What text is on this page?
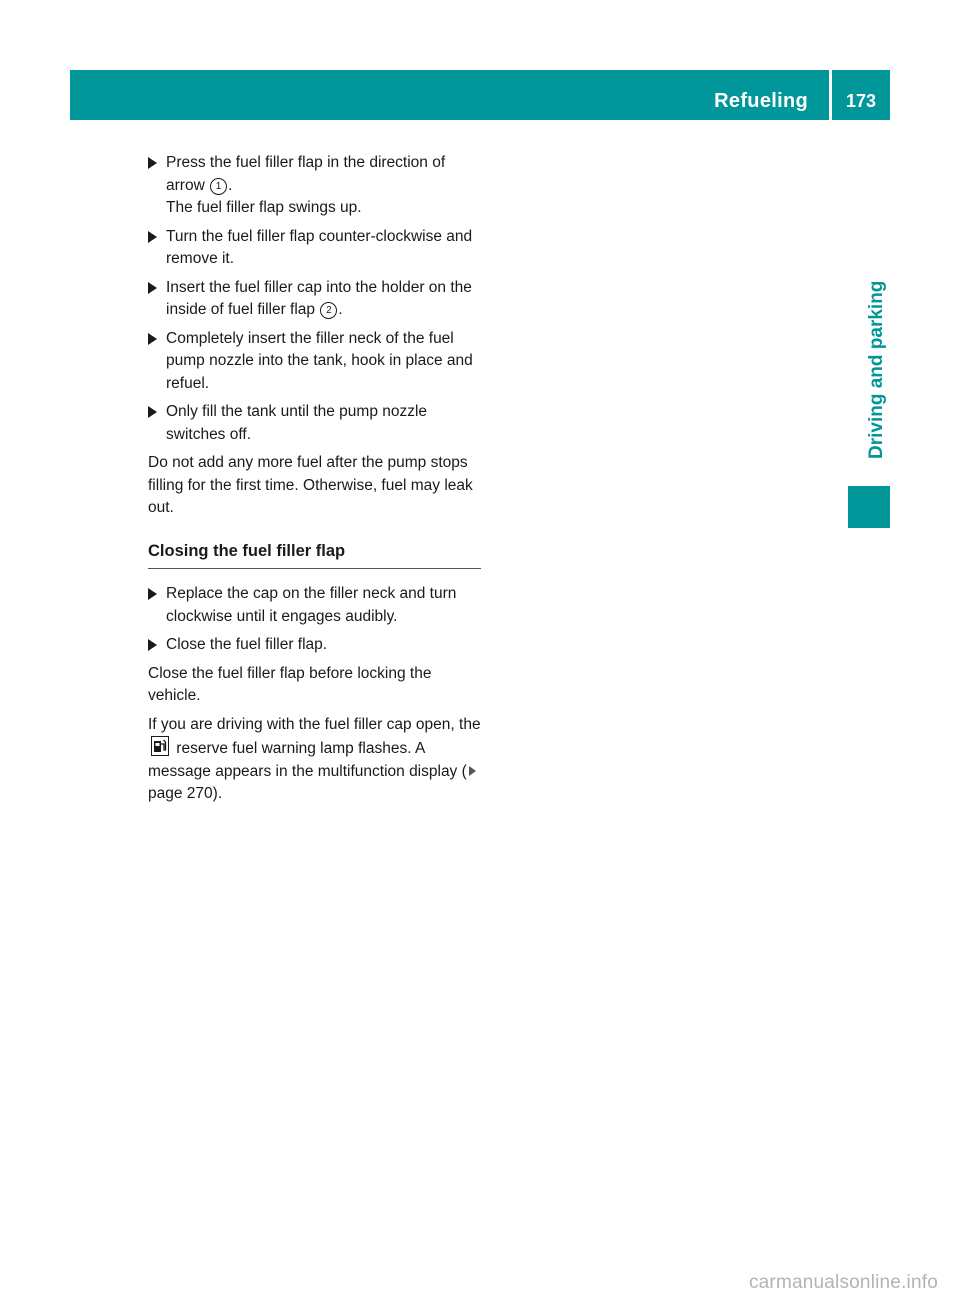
Refueling	173
Driving and parking
Press the fuel filler flap in the direction of arrow 1 .
The fuel filler flap swings up.
Turn the fuel filler flap counter-clockwise and remove it.
Insert the fuel filler cap into the holder on the inside of fuel filler flap 2 .
Completely insert the filler neck of the fuel pump nozzle into the tank, hook in place and refuel.
Only fill the tank until the pump nozzle switches off.

Do not add any more fuel after the pump stops filling for the first time. Otherwise, fuel may leak out.

Closing the fuel filler flap
Replace the cap on the filler neck and turn clockwise until it engages audibly.
Close the fuel filler flap.

Close the fuel filler flap before locking the vehicle.

If you are driving with the fuel filler cap open, the
reserve fuel warning lamp flashes. A message appears in the multifunction display (page 270).

carmanualsonline.info
